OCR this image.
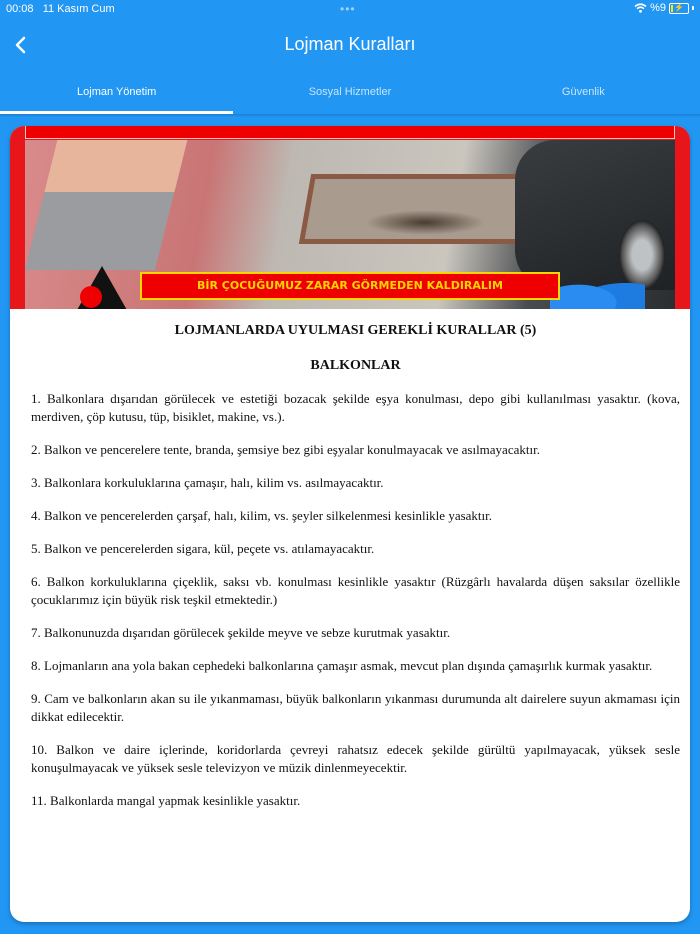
00:08 11 Kasım Cum	•••	%9 ⚡
Lojman Kuralları
Lojman Yönetim	Sosyal Hizmetler	Güvenlik
BİR ÇOCUĞUMUZ ZARAR GÖRMEDEN KALDIRALIM

LOJMANLARDA UYULMASI GEREKLİ KURALLAR (5)

BALKONLAR

1. Balkonlara dışarıdan görülecek ve estetiği bozacak şekilde eşya konulması, depo gibi kullanılması yasaktır. (kova, merdiven, çöp kutusu, tüp, bisiklet, makine, vs.).

2. Balkon ve pencerelere tente, branda, şemsiye bez gibi eşyalar konulmayacak ve asılmayacaktır.

3. Balkonlara korkuluklarına çamaşır, halı, kilim vs. asılmayacaktır.

4. Balkon ve pencerelerden çarşaf, halı, kilim, vs. şeyler silkelenmesi kesinlikle yasaktır.

5. Balkon ve pencerelerden sigara, kül, peçete vs. atılamayacaktır.

6. Balkon korkuluklarına çiçeklik, saksı vb. konulması kesinlikle yasaktır (Rüzgârlı havalarda düşen saksılar özellikle çocuklarımız için büyük risk teşkil etmektedir.)

7. Balkonunuzda dışarıdan görülecek şekilde meyve ve sebze kurutmak yasaktır.

8. Lojmanların ana yola bakan cephedeki balkonlarına çamaşır asmak, mevcut plan dışında çamaşırlık kurmak yasaktır.

9. Cam ve balkonların akan su ile yıkanmaması, büyük balkonların yıkanması durumunda alt dairelere suyun akmaması için dikkat edilecektir.

10. Balkon ve daire içlerinde, koridorlarda çevreyi rahatsız edecek şekilde gürültü yapılmayacak, yüksek sesle konuşulmayacak ve yüksek sesle televizyon ve müzik dinlenmeyecektir.

11. Balkonlarda mangal yapmak kesinlikle yasaktır.
